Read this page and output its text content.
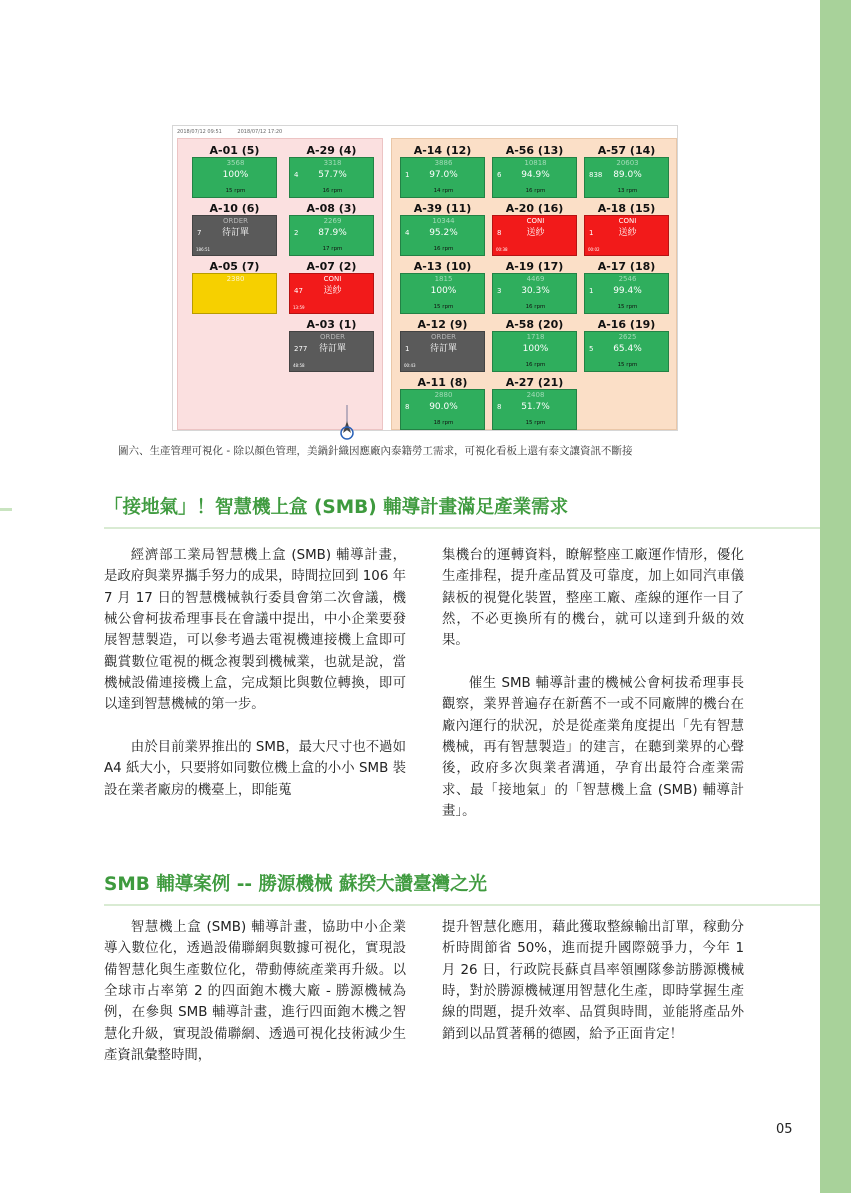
2018/07/12 09:51	2018/07/12 17:20
A-01 (5)
3568
100%
15 rpm
A-29 (4)
3318
57.7%
4
16 rpm
A-10 (6)
ORDER
待訂單
7
186:51
A-08 (3)
2269
87.9%
2
17 rpm
A-05 (7)
2380
A-07 (2)
CONI
送紗
47
13:59
A-03 (1)
ORDER
待訂單
277
48:58
A-14 (12)
3886
97.0%
1
14 rpm
A-56 (13)
10818
94.9%
6
16 rpm
A-57 (14)
20603
89.0%
838
13 rpm
A-39 (11)
10344
95.2%
4
16 rpm
A-20 (16)
CONI
送紗
8
00:38
A-18 (15)
CONI
送紗
1
00:02
A-13 (10)
1815
100%
15 rpm
A-19 (17)
4469
30.3%
3
16 rpm
A-17 (18)
2546
99.4%
1
15 rpm
A-12 (9)
ORDER
待訂單
1
00:43
A-58 (20)
1718
100%
16 rpm
A-16 (19)
2625
65.4%
5
15 rpm
A-11 (8)
2880
90.0%
8
18 rpm
A-27 (21)
2408
51.7%
8
15 rpm
圖六、生產管理可視化 - 除以顏色管理，美鍋針織因應廠內泰籍勞工需求，可視化看板上還有泰文讓資訊不斷接
「接地氣」！智慧機上盒 (SMB) 輔導計畫滿足產業需求

經濟部工業局智慧機上盒 (SMB) 輔導計畫，是政府與業界攜手努力的成果，時間拉回到 106 年 7 月 17 日的智慧機械執行委員會第二次會議，機械公會柯拔希理事長在會議中提出，中小企業要發展智慧製造，可以參考過去電視機連接機上盒即可觀賞數位電視的概念複製到機械業，也就是說，當機械設備連接機上盒，完成類比與數位轉換，即可以達到智慧機械的第一步。

由於目前業界推出的 SMB，最大尺寸也不過如 A4 紙大小，只要將如同數位機上盒的小小 SMB 裝設在業者廠房的機臺上，即能蒐

集機台的運轉資料，瞭解整座工廠運作情形，優化生產排程，提升產品質及可靠度，加上如同汽車儀錶板的視覺化裝置，整座工廠、產線的運作一目了然，不必更換所有的機台，就可以達到升級的效果。

催生 SMB 輔導計畫的機械公會柯拔希理事長觀察，業界普遍存在新舊不一或不同廠牌的機台在廠內運行的狀況，於是從產業角度提出「先有智慧機械，再有智慧製造」的建言，在聽到業界的心聲後，政府多次與業者溝通，孕育出最符合產業需求、最「接地氣」的「智慧機上盒 (SMB) 輔導計畫」。

SMB 輔導案例 -- 勝源機械 蘇揆大讚臺灣之光

智慧機上盒 (SMB) 輔導計畫，協助中小企業導入數位化，透過設備聯網與數據可視化，實現設備智慧化與生產數位化，帶動傳統產業再升級。以全球市占率第 2 的四面鉋木機大廠 - 勝源機械為例，在參與 SMB 輔導計畫，進行四面鉋木機之智慧化升級，實現設備聯網、透過可視化技術減少生產資訊彙整時間，

提升智慧化應用，藉此獲取整線輸出訂單，稼動分析時間節省 50%，進而提升國際競爭力，今年 1 月 26 日，行政院長蘇貞昌率領團隊參訪勝源機械時，對於勝源機械運用智慧化生產，即時掌握生產線的問題，提升效率、品質與時間，並能將產品外銷到以品質著稱的德國，給予正面肯定！

05
